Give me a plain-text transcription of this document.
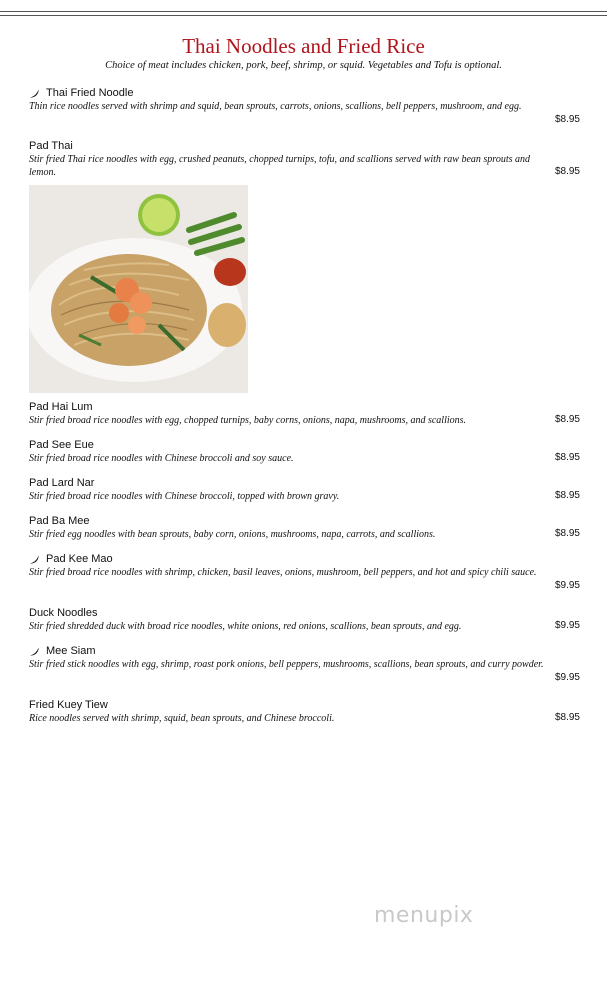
Thai Noodles and Fried Rice
Choice of meat includes chicken, pork, beef, shrimp, or squid. Vegetables and Tofu is optional.
Thai Fried Noodle
Thin rice noodles served with shrimp and squid, bean sprouts, carrots, onions, scallions, bell peppers, mushroom, and egg.
$8.95
Pad Thai
Stir fried Thai rice noodles with egg, crushed peanuts, chopped turnips, tofu, and scallions served with raw bean sprouts and lemon.	$8.95
Pad Hai Lum
Stir fried broad rice noodles with egg, chopped turnips, baby corns, onions, napa, mushrooms, and scallions.	$8.95
Pad See Eue
Stir fried broad rice noodles with Chinese broccoli and soy sauce.	$8.95
Pad Lard Nar
Stir fried broad rice noodles with Chinese broccoli, topped with brown gravy.	$8.95
Pad Ba Mee
Stir fried egg noodles with bean sprouts, baby corn, onions, mushrooms, napa, carrots, and scallions.	$8.95
Pad Kee Mao
Stir fried broad rice noodles with shrimp, chicken, basil leaves, onions, mushroom, bell peppers, and hot and spicy chili sauce.
$9.95
Duck Noodles
Stir fried shredded duck with broad rice noodles, white onions, red onions, scallions, bean sprouts, and egg.	$9.95
Mee Siam
Stir fried stick noodles with egg, shrimp, roast pork onions, bell peppers, mushrooms, scallions, bean sprouts, and curry powder.
$9.95
Fried Kuey Tiew
Rice noodles served with shrimp, squid, bean sprouts, and Chinese broccoli.	$8.95
menupix
